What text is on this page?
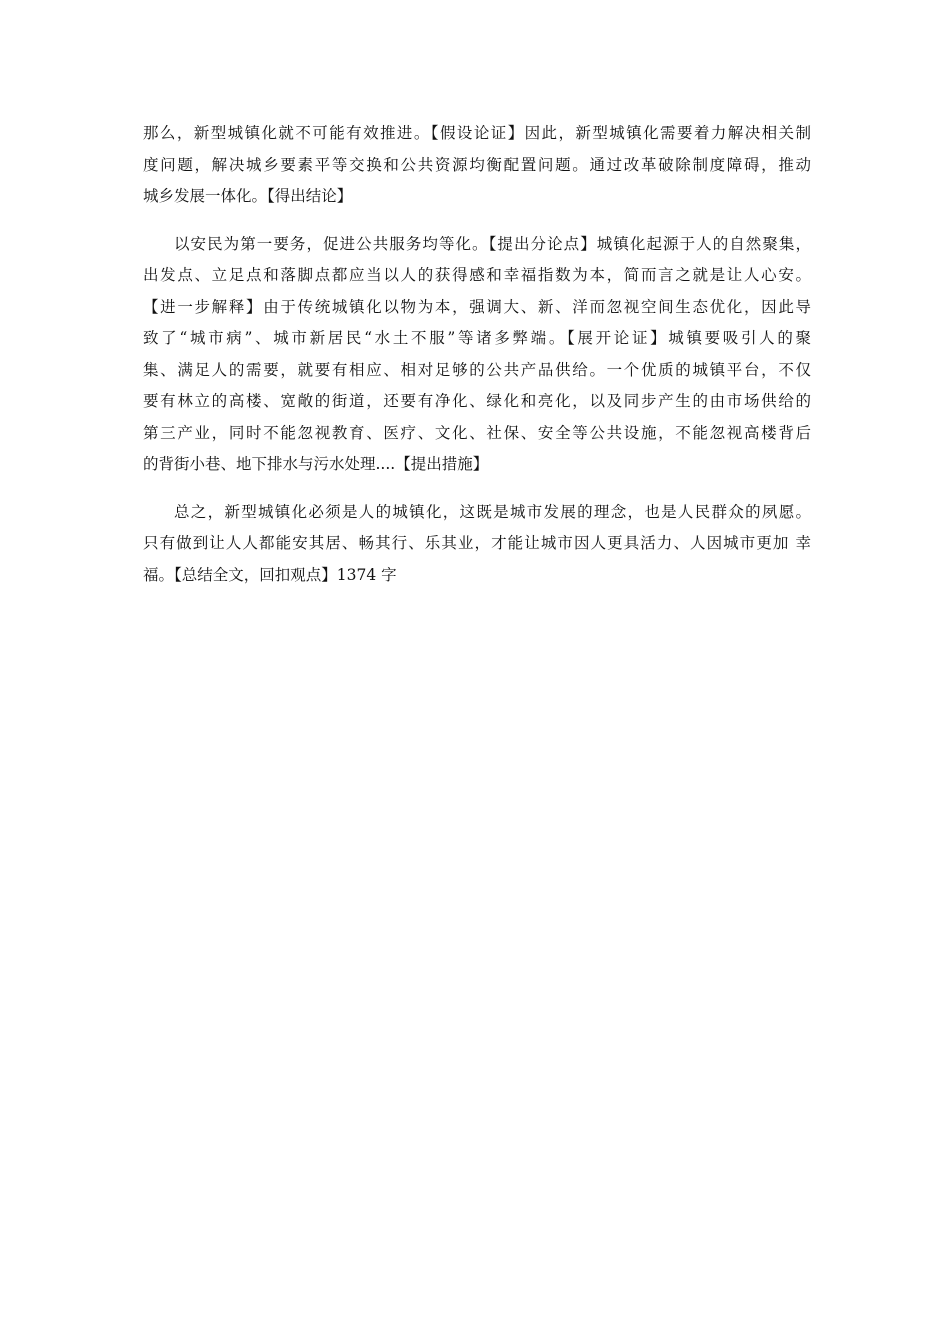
那么，新型城镇化就不可能有效推进。【假设论证】因此，新型城镇化需要着力解决相关制
度问题，解决城乡要素平等交换和公共资源均衡配置问题。通过改革破除制度障碍，推动
城乡发展一体化。【得出结论】

以安民为第一要务，促进公共服务均等化。【提出分论点】城镇化起源于人的自然聚集，
出发点、立足点和落脚点都应当以人的获得感和幸福指数为本，简而言之就是让人心安。
【进一步解释】由于传统城镇化以物为本，强调大、新、洋而忽视空间生态优化，因此导
致了“城市病”、城市新居民“水土不服”等诸多弊端。【展开论证】城镇要吸引人的聚
集、满足人的需要，就要有相应、相对足够的公共产品供给。一个优质的城镇平台，不仅
要有林立的高楼、宽敞的街道，还要有净化、绿化和亮化，以及同步产生的由市场供给的
第三产业，同时不能忽视教育、医疗、文化、社保、安全等公共设施，不能忽视高楼背后
的背街小巷、地下排水与污水处理....【提出措施】

总之，新型城镇化必须是人的城镇化，这既是城市发展的理念，也是人民群众的夙愿。
只有做到让人人都能安其居、畅其行、乐其业，才能让城市因人更具活力、人因城市更加 幸
福。【总结全文，回扣观点】1374 字
